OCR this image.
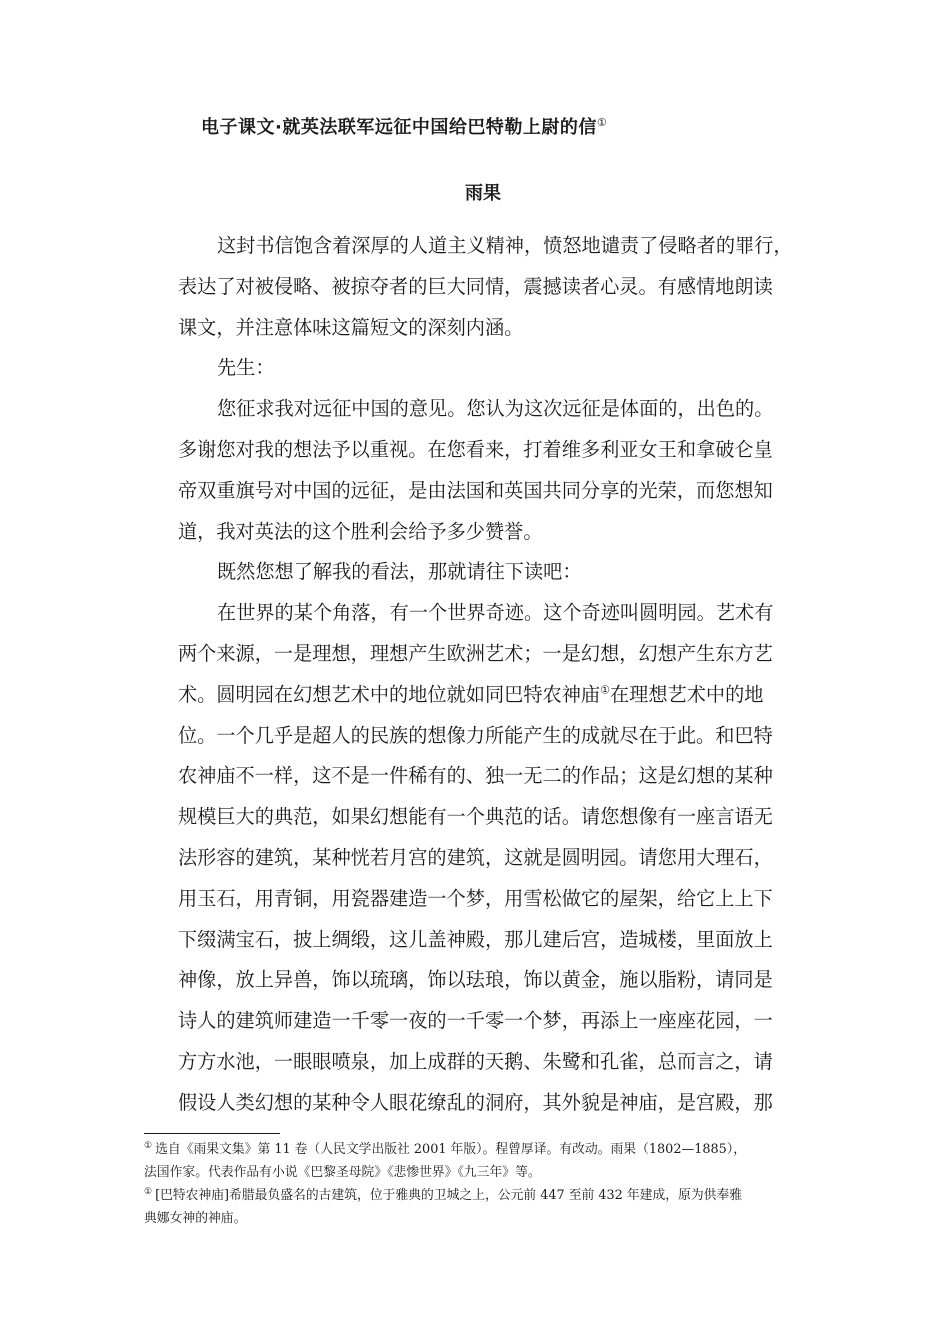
电子课文·就英法联军远征中国给巴特勒上尉的信①
雨果
这封书信饱含着深厚的人道主义精神，愤怒地谴责了侵略者的罪行，
表达了对被侵略、被掠夺者的巨大同情，震撼读者心灵。有感情地朗读
课文，并注意体味这篇短文的深刻内涵。
先生：
您征求我对远征中国的意见。您认为这次远征是体面的，出色的。
多谢您对我的想法予以重视。在您看来，打着维多利亚女王和拿破仑皇
帝双重旗号对中国的远征，是由法国和英国共同分享的光荣，而您想知
道，我对英法的这个胜利会给予多少赞誉。
既然您想了解我的看法，那就请往下读吧：
在世界的某个角落，有一个世界奇迹。这个奇迹叫圆明园。艺术有
两个来源，一是理想，理想产生欧洲艺术；一是幻想，幻想产生东方艺
术。圆明园在幻想艺术中的地位就如同巴特农神庙①在理想艺术中的地
位。一个几乎是超人的民族的想像力所能产生的成就尽在于此。和巴特
农神庙不一样，这不是一件稀有的、独一无二的作品；这是幻想的某种
规模巨大的典范，如果幻想能有一个典范的话。请您想像有一座言语无
法形容的建筑，某种恍若月宫的建筑，这就是圆明园。请您用大理石，
用玉石，用青铜，用瓷器建造一个梦，用雪松做它的屋架，给它上上下
下缀满宝石，披上绸缎，这儿盖神殿，那儿建后宫，造城楼，里面放上
神像，放上异兽，饰以琉璃，饰以珐琅，饰以黄金，施以脂粉，请同是
诗人的建筑师建造一千零一夜的一千零一个梦，再添上一座座花园，一
方方水池，一眼眼喷泉，加上成群的天鹅、朱鹭和孔雀，总而言之，请
假设人类幻想的某种令人眼花缭乱的洞府，其外貌是神庙，是宫殿，那
① 选自《雨果文集》第 11 卷（人民文学出版社 2001 年版）。程曾厚译。有改动。雨果（1802—1885），
法国作家。代表作品有小说《巴黎圣母院》《悲惨世界》《九三年》等。
① [巴特农神庙]希腊最负盛名的古建筑，位于雅典的卫城之上，公元前 447 至前 432 年建成，原为供奉雅
典娜女神的神庙。
